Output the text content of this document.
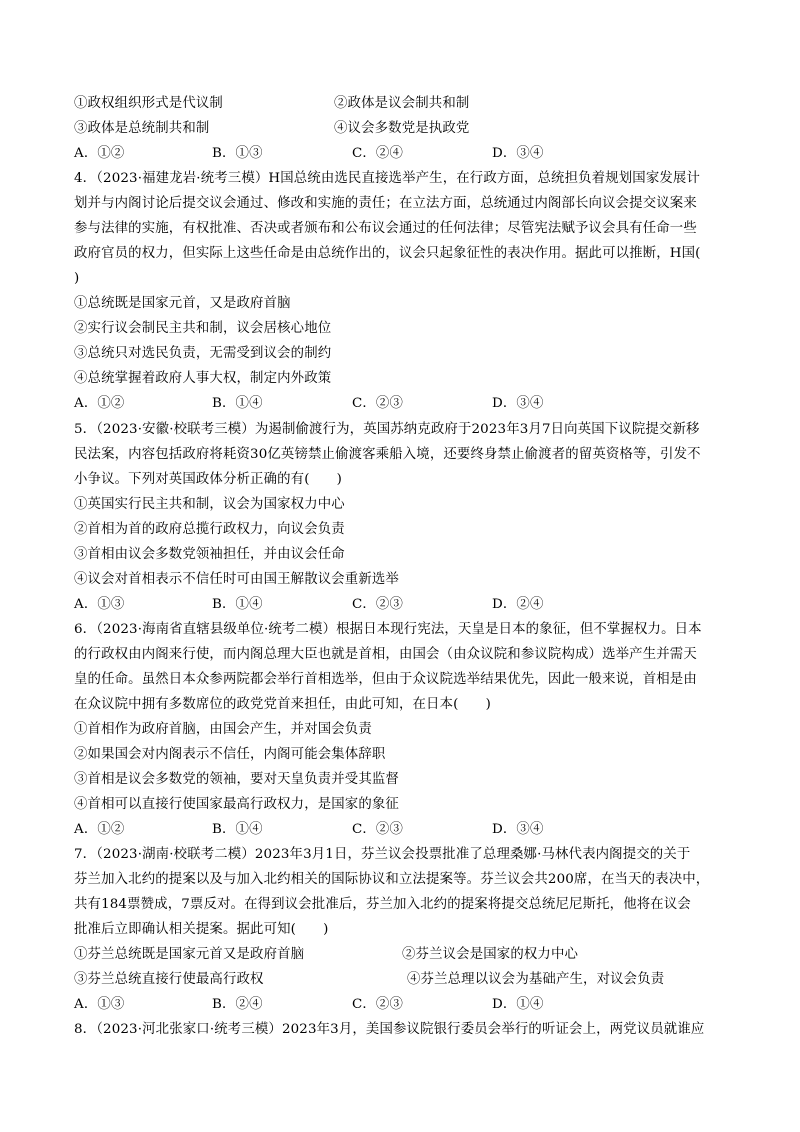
①政权组织形式是代议制	②政体是议会制共和制
③政体是总统制共和制	④议会多数党是执政党
A．①②	B．①③	C．②④	D．③④
4．（2023·福建龙岩·统考三模）H国总统由选民直接选举产生，在行政方面，总统担负着规划国家发展计
划并与内阁讨论后提交议会通过、修改和实施的责任；在立法方面，总统通过内阁部长向议会提交议案来
参与法律的实施，有权批准、否决或者颁布和公布议会通过的任何法律；尽管宪法赋予议会具有任命一些
政府官员的权力，但实际上这些任命是由总统作出的，议会只起象征性的表决作用。据此可以推断，H国(
)
①总统既是国家元首，又是政府首脑
②实行议会制民主共和制，议会居核心地位
③总统只对选民负责，无需受到议会的制约
④总统掌握着政府人事大权，制定内外政策
A．①②	B．①④	C．②③	D．③④
5．（2023·安徽·校联考三模）为遏制偷渡行为，英国苏纳克政府于2023年3月7日向英国下议院提交新移
民法案，内容包括政府将耗资30亿英镑禁止偷渡客乘船入境，还要终身禁止偷渡者的留英资格等，引发不
小争议。下列对英国政体分析正确的有(　　)
①英国实行民主共和制，议会为国家权力中心
②首相为首的政府总揽行政权力，向议会负责
③首相由议会多数党领袖担任，并由议会任命
④议会对首相表示不信任时可由国王解散议会重新选举
A．①③	B．①④	C．②③	D．②④
6．（2023·海南省直辖县级单位·统考二模）根据日本现行宪法，天皇是日本的象征，但不掌握权力。日本
的行政权由内阁来行使，而内阁总理大臣也就是首相，由国会（由众议院和参议院构成）选举产生并需天
皇的任命。虽然日本众参两院都会举行首相选举，但由于众议院选举结果优先，因此一般来说，首相是由
在众议院中拥有多数席位的政党党首来担任，由此可知，在日本(　　)
①首相作为政府首脑，由国会产生，并对国会负责
②如果国会对内阁表示不信任，内阁可能会集体辞职
③首相是议会多数党的领袖，要对天皇负责并受其监督
④首相可以直接行使国家最高行政权力，是国家的象征
A．①②	B．①④	C．②③	D．③④
7．（2023·湖南·校联考二模）2023年3月1日，芬兰议会投票批准了总理桑娜·马林代表内阁提交的关于
芬兰加入北约的提案以及与加入北约相关的国际协议和立法提案等。芬兰议会共200席，在当天的表决中，
共有184票赞成，7票反对。在得到议会批准后，芬兰加入北约的提案将提交总统尼尼斯托，他将在议会
批准后立即确认相关提案。据此可知(　　)
①芬兰总统既是国家元首又是政府首脑	②芬兰议会是国家的权力中心
③芬兰总统直接行使最高行政权	④芬兰总理以议会为基础产生，对议会负责
A．①③	B．②④	C．②③	D．①④
8．（2023·河北张家口·统考三模）2023年3月，美国参议院银行委员会举行的听证会上，两党议员就谁应
